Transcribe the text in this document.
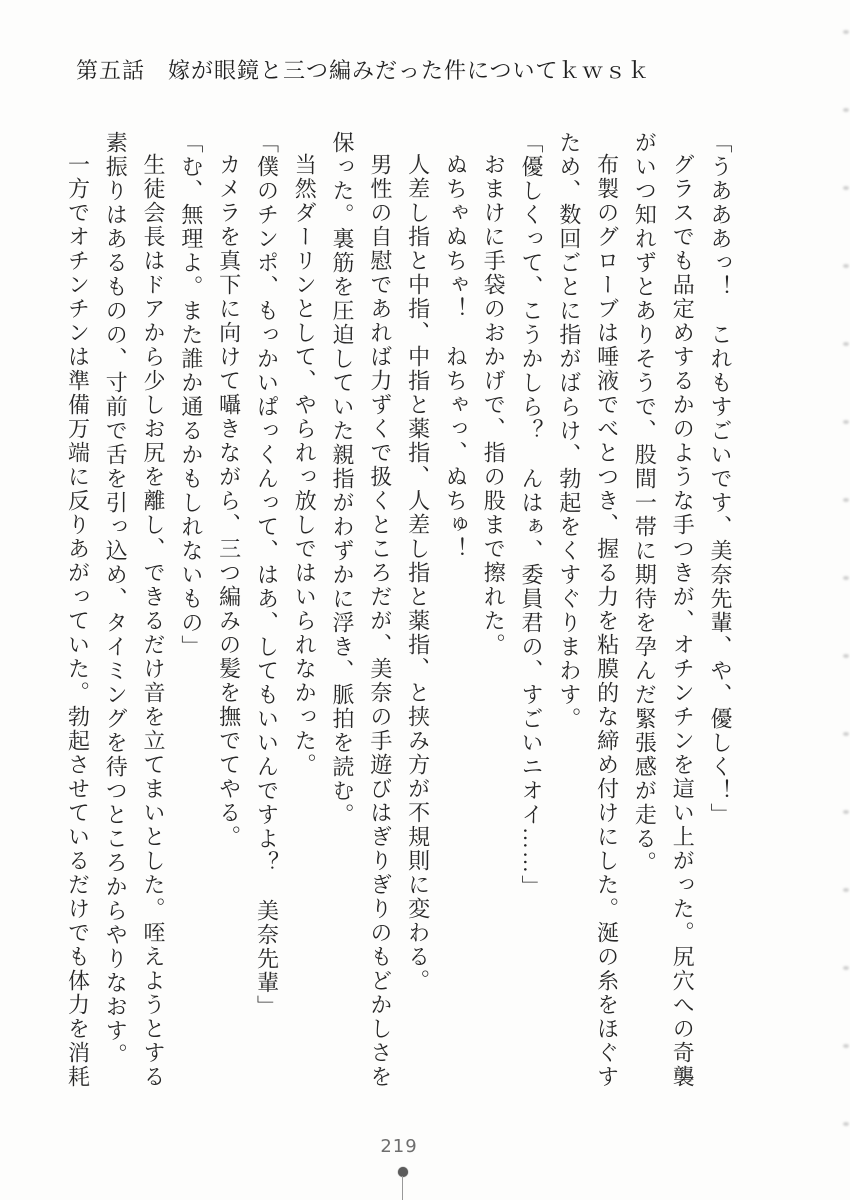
第五話　嫁が眼鏡と三つ編みだった件についてｋｗｓｋ

「うあああっ！　これもすごいです、美奈先輩、や、優しく！」

グラスでも品定めするかのような手つきが、オチンチンを這い上がった。尻穴への奇襲

がいつ知れずとありそうで、股間一帯に期待を孕んだ緊張感が走る。

布製のグローブは唾液でべとつき、握る力を粘膜的な締め付けにした。涎の糸をほぐす

ため、数回ごとに指がばらけ、勃起をくすぐりまわす。

「優しくって、こうかしら？　んはぁ、委員君の、すごいニオイ……」

おまけに手袋のおかげで、指の股まで擦れた。

ぬちゃぬちゃ！　ねちゃっ、ぬちゅ！

人差し指と中指、中指と薬指、人差し指と薬指、と挟み方が不規則に変わる。

男性の自慰であれば力ずくで扱くところだが、美奈の手遊びはぎりぎりのもどかしさを

保った。裏筋を圧迫していた親指がわずかに浮き、脈拍を読む。

当然ダーリンとして、やられっ放しではいられなかった。

「僕のチンポ、もっかいぱっくんって、はあ、してもいいんですよ？　美奈先輩」

カメラを真下に向けて囁きながら、三つ編みの髪を撫でてやる。

「む、無理よ。また誰か通るかもしれないもの」

生徒会長はドアから少しお尻を離し、できるだけ音を立てまいとした。咥えようとする

素振りはあるものの、寸前で舌を引っ込め、タイミングを待つところからやりなおす。

一方でオチンチンは準備万端に反りあがっていた。勃起させているだけでも体力を消耗

219
